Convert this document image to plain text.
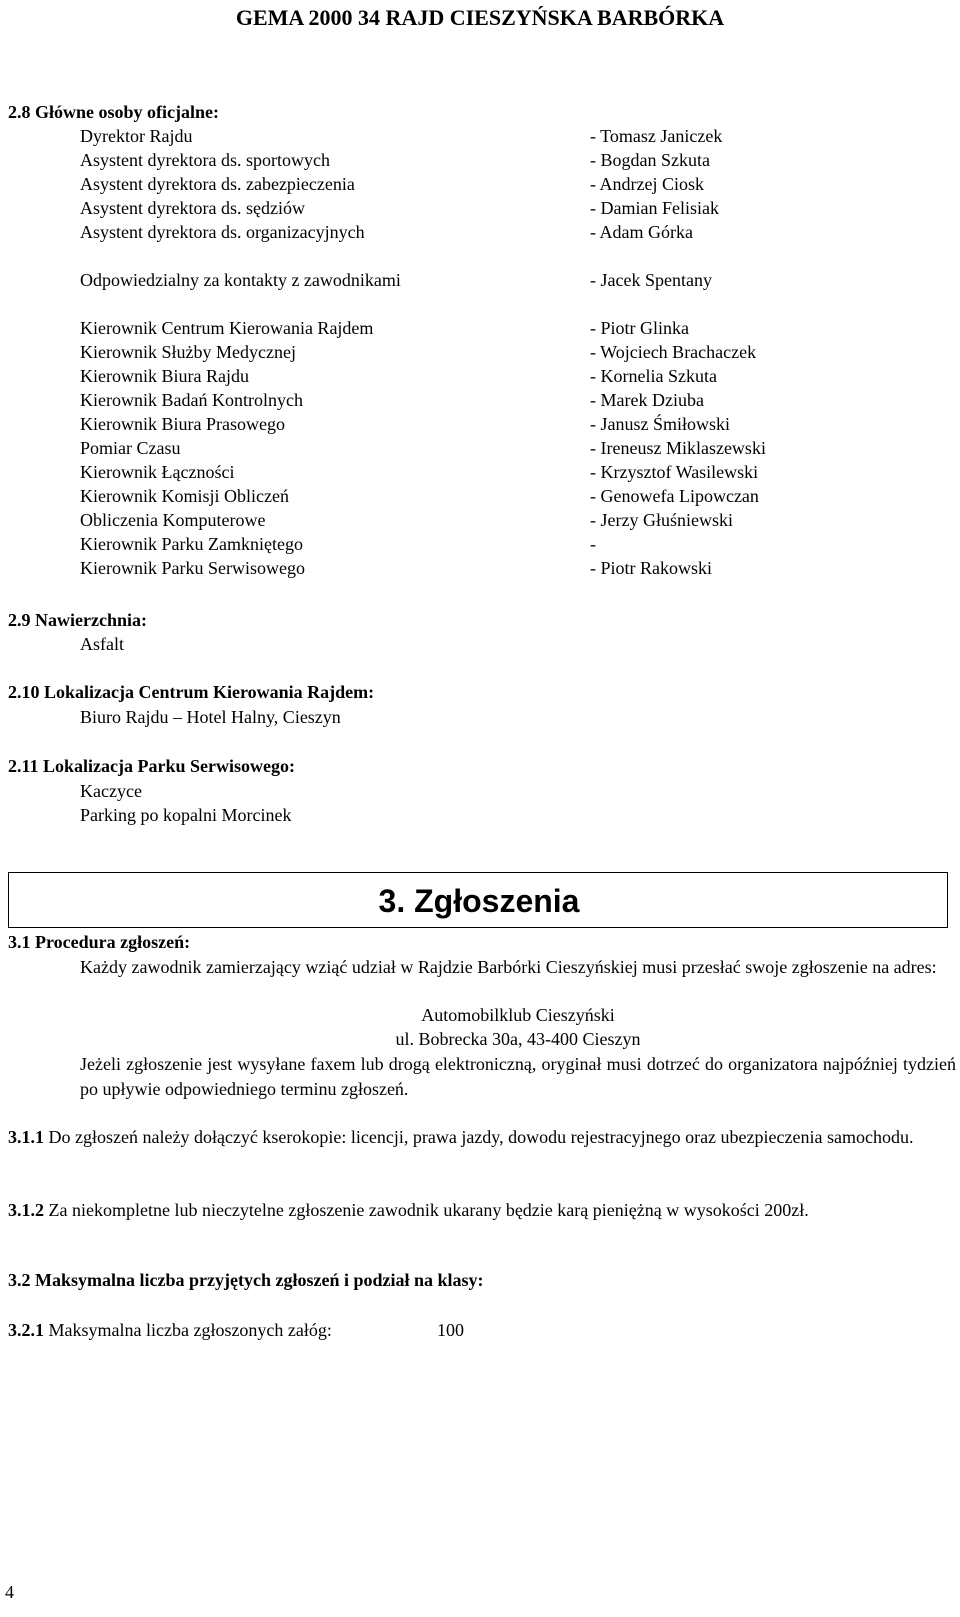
GEMA 2000 34 RAJD CIESZYŃSKA BARBÓRKA
2.8 Główne osoby oficjalne:
Dyrektor Rajdu	- Tomasz Janiczek
Asystent dyrektora ds. sportowych	- Bogdan Szkuta
Asystent dyrektora ds. zabezpieczenia	- Andrzej Ciosk
Asystent dyrektora ds. sędziów	- Damian Felisiak
Asystent dyrektora ds. organizacyjnych	- Adam Górka
Odpowiedzialny za kontakty z zawodnikami	- Jacek Spentany
Kierownik Centrum Kierowania Rajdem	- Piotr Glinka
Kierownik Służby Medycznej	- Wojciech Brachaczek
Kierownik Biura Rajdu	- Kornelia Szkuta
Kierownik Badań Kontrolnych	- Marek Dziuba
Kierownik Biura Prasowego	- Janusz Śmiłowski
Pomiar Czasu	- Ireneusz Miklaszewski
Kierownik Łączności	- Krzysztof Wasilewski
Kierownik Komisji Obliczeń	- Genowefa Lipowczan
Obliczenia Komputerowe	- Jerzy Głuśniewski
Kierownik Parku Zamkniętego	-
Kierownik Parku Serwisowego	- Piotr Rakowski
2.9 Nawierzchnia:
Asfalt
2.10 Lokalizacja Centrum Kierowania Rajdem:
Biuro Rajdu – Hotel Halny, Cieszyn
2.11 Lokalizacja Parku Serwisowego:
Kaczyce
Parking po kopalni Morcinek
3. Zgłoszenia
3.1 Procedura zgłoszeń:
Każdy zawodnik zamierzający wziąć udział w Rajdzie Barbórki Cieszyńskiej musi przesłać swoje zgłoszenie na adres:
Automobilklub Cieszyński
ul. Bobrecka 30a, 43-400 Cieszyn
Jeżeli zgłoszenie jest wysyłane faxem lub drogą elektroniczną, oryginał musi dotrzeć do organizatora najpóźniej tydzień po upływie odpowiedniego terminu zgłoszeń.
3.1.1 Do zgłoszeń należy dołączyć kserokopie: licencji, prawa jazdy, dowodu rejestracyjnego oraz ubezpieczenia samochodu.
3.1.2 Za niekompletne lub nieczytelne zgłoszenie zawodnik ukarany będzie karą pieniężną w wysokości 200zł.
3.2 Maksymalna liczba przyjętych zgłoszeń i podział na klasy:
3.2.1 Maksymalna liczba zgłoszonych załóg:	100
4
